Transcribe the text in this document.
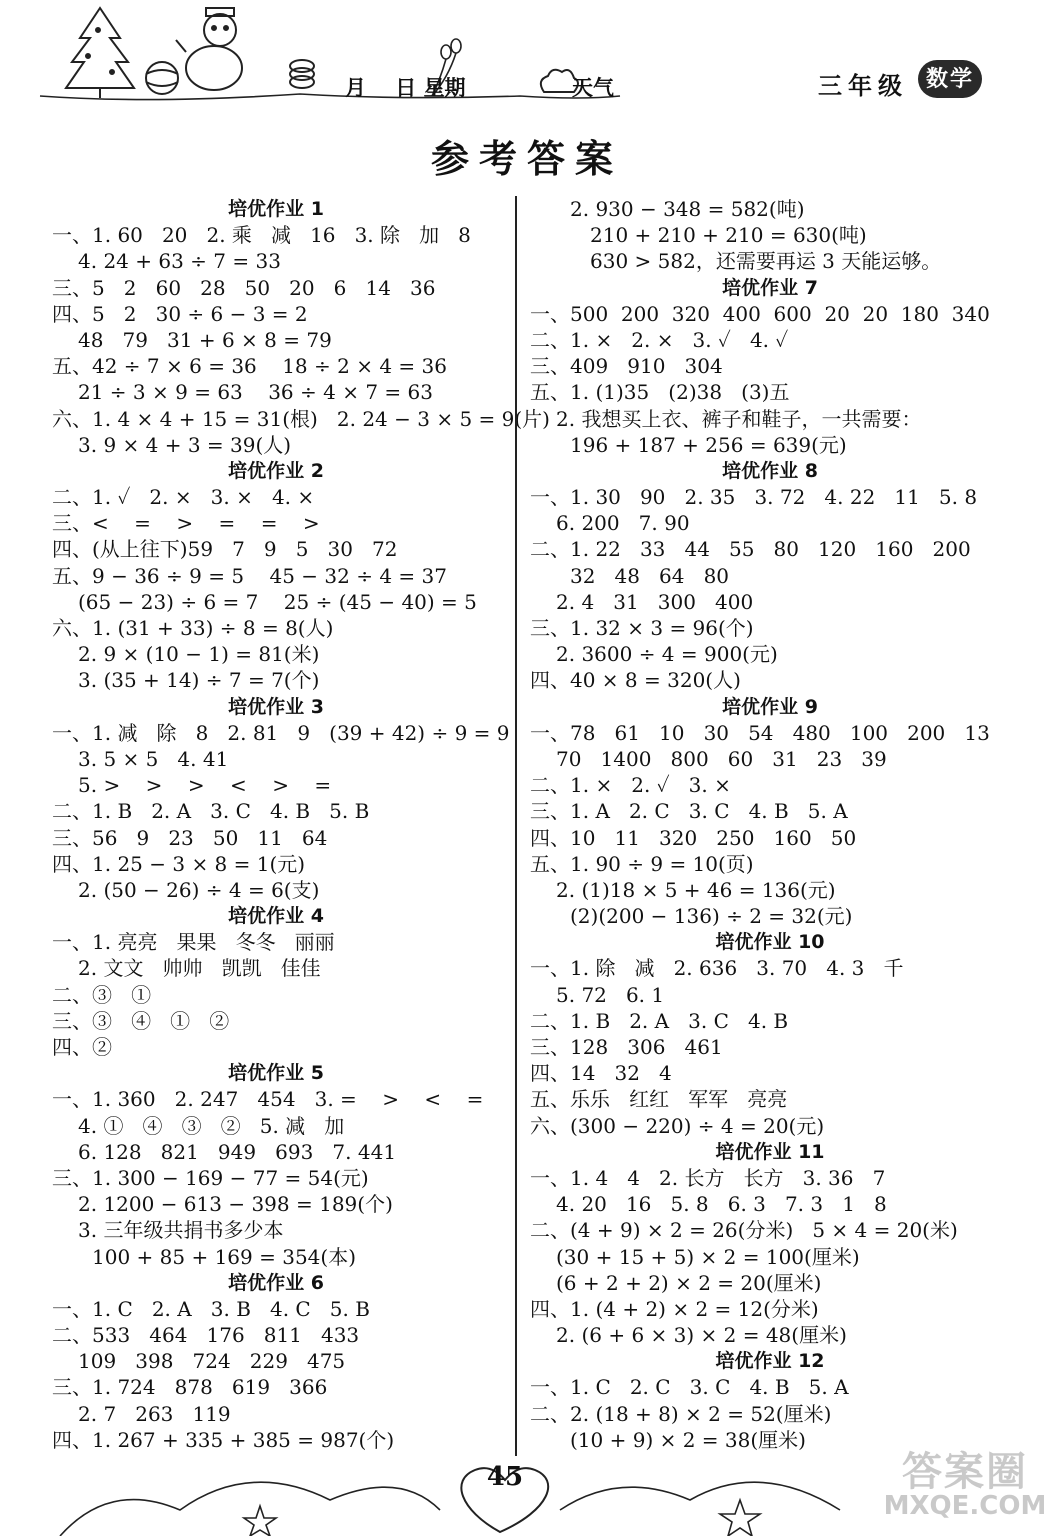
月    日 星期	天气	三年级 数学
参考答案
培优作业 1
一、1. 60   20   2. 乘   减   16   3. 除   加   8
4. 24 + 63 ÷ 7 = 33
三、5   2   60   28   50   20   6   14   36
四、5   2   30 ÷ 6 − 3 = 2
48   79   31 + 6 × 8 = 79
五、42 ÷ 7 × 6 = 36    18 ÷ 2 × 4 = 36
21 ÷ 3 × 9 = 63    36 ÷ 4 × 7 = 63
六、1. 4 × 4 + 15 = 31(根)   2. 24 − 3 × 5 = 9(片)
3. 9 × 4 + 3 = 39(人)
培优作业 2
二、1. ✓   2. ×   3. ×   4. ×
三、<    =    >    =    =    >
四、(从上往下)59   7   9   5   30   72
五、9 − 36 ÷ 9 = 5    45 − 32 ÷ 4 = 37
(65 − 23) ÷ 6 = 7    25 ÷ (45 − 40) = 5
六、1. (31 + 33) ÷ 8 = 8(人)
2. 9 × (10 − 1) = 81(米)
3. (35 + 14) ÷ 7 = 7(个)
培优作业 3
一、1. 减   除   8   2. 81   9   (39 + 42) ÷ 9 = 9
3. 5 × 5   4. 41
5. >    >    >    <    >    =
二、1. B   2. A   3. C   4. B   5. B
三、56   9   23   50   11   64
四、1. 25 − 3 × 8 = 1(元)
2. (50 − 26) ÷ 4 = 6(支)
培优作业 4
一、1. 亮亮   果果   冬冬   丽丽
2. 文文   帅帅   凯凯   佳佳
二、③   ①
三、③   ④   ①   ②
四、②
培优作业 5
一、1. 360   2. 247   454   3. =    >    <    =
4. ①   ④   ③   ②   5. 减   加
6. 128   821   949   693   7. 441
三、1. 300 − 169 − 77 = 54(元)
2. 1200 − 613 − 398 = 189(个)
3. 三年级共捐书多少本
100 + 85 + 169 = 354(本)
培优作业 6
一、1. C   2. A   3. B   4. C   5. B
二、533   464   176   811   433
109   398   724   229   475
三、1. 724   878   619   366
2. 7   263   119
四、1. 267 + 335 + 385 = 987(个)
2. 930 − 348 = 582(吨)
210 + 210 + 210 = 630(吨)
630 > 582，还需要再运 3 天能运够。
培优作业 7
一、500  200  320  400  600  20  20  180  340
二、1. ×   2. ×   3. ✓   4. ✓
三、409   910   304
五、1. (1)35   (2)38   (3)五
2. 我想买上衣、裤子和鞋子，一共需要：
196 + 187 + 256 = 639(元)
培优作业 8
一、1. 30   90   2. 35   3. 72   4. 22   11   5. 8
6. 200   7. 90
二、1. 22   33   44   55   80   120   160   200
32   48   64   80
2. 4   31   300   400
三、1. 32 × 3 = 96(个)
2. 3600 ÷ 4 = 900(元)
四、40 × 8 = 320(人)
培优作业 9
一、78   61   10   30   54   480   100   200   13
70   1400   800   60   31   23   39
二、1. ×   2. ✓   3. ×
三、1. A   2. C   3. C   4. B   5. A
四、10   11   320   250   160   50
五、1. 90 ÷ 9 = 10(页)
2. (1)18 × 5 + 46 = 136(元)
(2)(200 − 136) ÷ 2 = 32(元)
培优作业 10
一、1. 除   减   2. 636   3. 70   4. 3   千
5. 72   6. 1
二、1. B   2. A   3. C   4. B
三、128   306   461
四、14   32   4
五、乐乐   红红   军军   亮亮
六、(300 − 220) ÷ 4 = 20(元)
培优作业 11
一、1. 4   4   2. 长方   长方   3. 36   7
4. 20   16   5. 8   6. 3   7. 3   1   8
二、(4 + 9) × 2 = 26(分米)   5 × 4 = 20(米)
(30 + 15 + 5) × 2 = 100(厘米)
(6 + 2 + 2) × 2 = 20(厘米)
四、1. (4 + 2) × 2 = 12(分米)
2. (6 + 6 × 3) × 2 = 48(厘米)
培优作业 12
一、1. C   2. C   3. C   4. B   5. A
二、2. (18 + 8) × 2 = 52(厘米)
(10 + 9) × 2 = 38(厘米)
45	答案圈
MXQE.COM
